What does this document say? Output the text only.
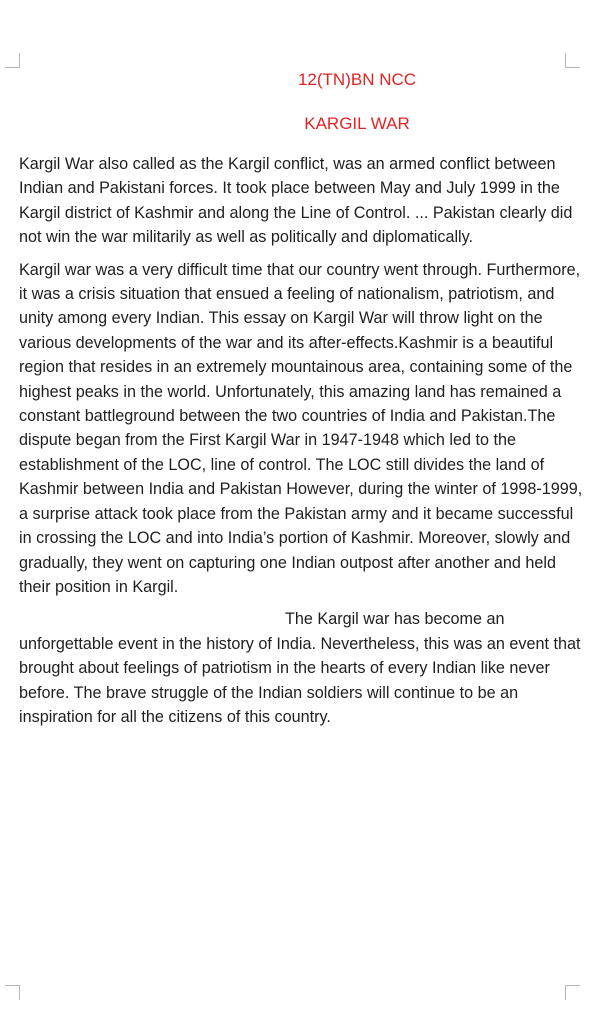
12(TN)BN NCC
KARGIL WAR

Kargil War also called as the Kargil conflict, was an armed conflict between Indian and Pakistani forces. It took place between May and July 1999 in the Kargil district of Kashmir and along the Line of Control. ... Pakistan clearly did not win the war militarily as well as politically and diplomatically.

Kargil war was a very difficult time that our country went through. Furthermore, it was a crisis situation that ensued a feeling of nationalism, patriotism, and unity among every Indian. This essay on Kargil War will throw light on the various developments of the war and its after-effects.Kashmir is a beautiful region that resides in an extremely mountainous area, containing some of the highest peaks in the world. Unfortunately, this amazing land has remained a constant battleground between the two countries of India and Pakistan.The dispute began from the First Kargil War in 1947-1948 which led to the establishment of the LOC, line of control. The LOC still divides the land of Kashmir between India and Pakistan However, during the winter of 1998-1999, a surprise attack took place from the Pakistan army and it became successful in crossing the LOC and into India’s portion of Kashmir. Moreover, slowly and gradually, they went on capturing one Indian outpost after another and held their position in Kargil.

The Kargil war has become an unforgettable event in the history of India. Nevertheless, this was an event that brought about feelings of patriotism in the hearts of every Indian like never before. The brave struggle of the Indian soldiers will continue to be an inspiration for all the citizens of this country.
